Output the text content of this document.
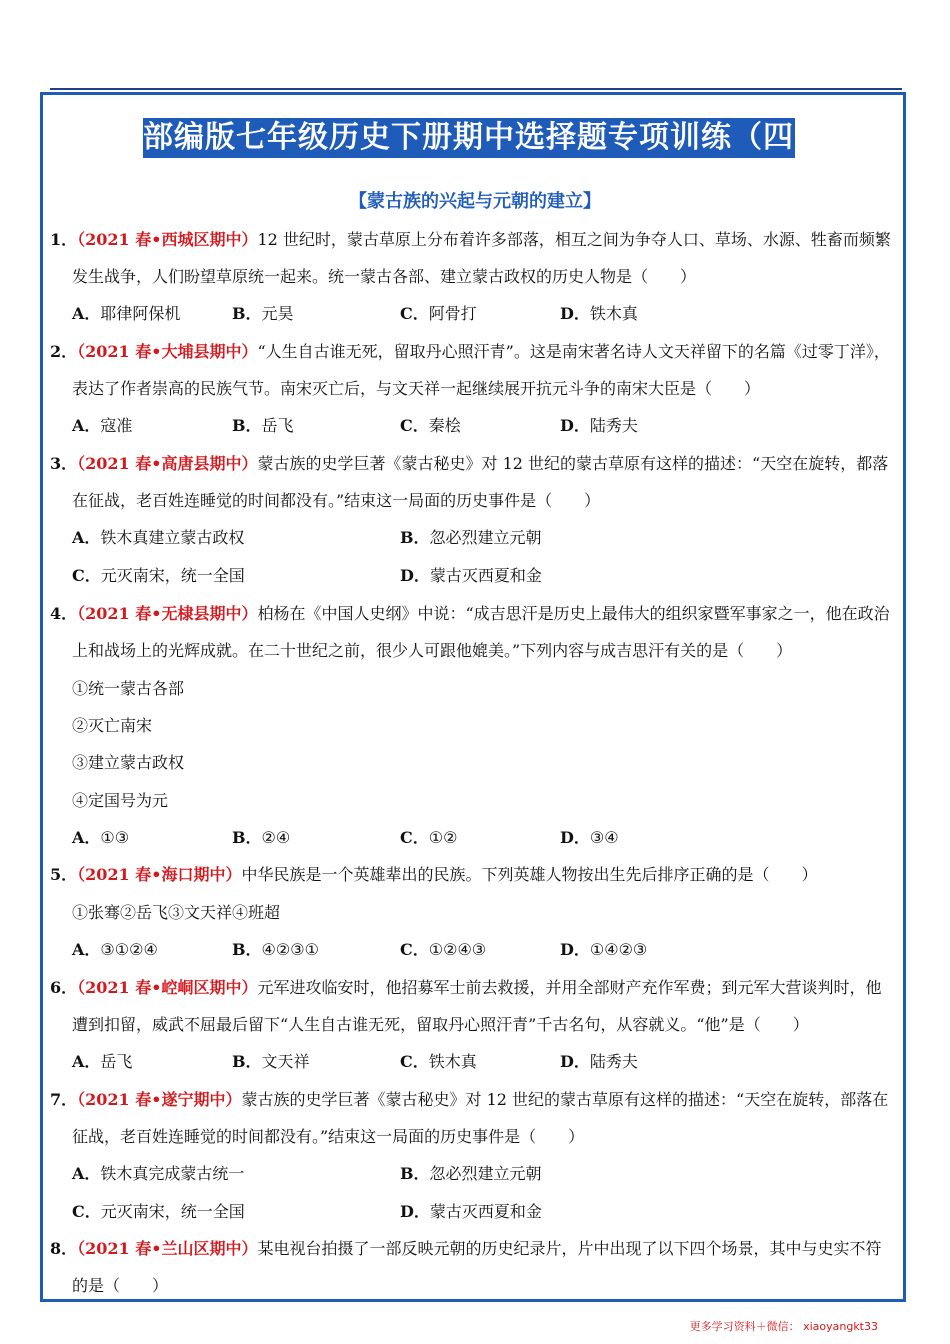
部编版七年级历史下册期中选择题专项训练（四）
【蒙古族的兴起与元朝的建立】
1．（2021 春•西城区期中）12 世纪时，蒙古草原上分布着许多部落，相互之间为争夺人口、草场、水源、牲畜而频繁
发生战争，人们盼望草原统一起来。统一蒙古各部、建立蒙古政权的历史人物是（　　）
A．耶律阿保机	B．元昊	C．阿骨打	D．铁木真
2．（2021 春•大埔县期中）“人生自古谁无死，留取丹心照汗青”。这是南宋著名诗人文天祥留下的名篇《过零丁洋》，
表达了作者崇高的民族气节。南宋灭亡后，与文天祥一起继续展开抗元斗争的南宋大臣是（　　）
A．寇准	B．岳飞	C．秦桧	D．陆秀夫
3．（2021 春•高唐县期中）蒙古族的史学巨著《蒙古秘史》对 12 世纪的蒙古草原有这样的描述：“天空在旋转，都落
在征战，老百姓连睡觉的时间都没有。”结束这一局面的历史事件是（　　）
A．铁木真建立蒙古政权	B．忽必烈建立元朝
C．元灭南宋，统一全国	D．蒙古灭西夏和金
4．（2021 春•无棣县期中）柏杨在《中国人史纲》中说：“成吉思汗是历史上最伟大的组织家暨军事家之一，他在政治
上和战场上的光辉成就。在二十世纪之前，很少人可跟他媲美。”下列内容与成吉思汗有关的是（　　）
①统一蒙古各部
②灭亡南宋
③建立蒙古政权
④定国号为元
A．①③	B．②④	C．①②	D．③④
5．（2021 春•海口期中）中华民族是一个英雄辈出的民族。下列英雄人物按出生先后排序正确的是（　　）
①张骞②岳飞③文天祥④班超
A．③①②④	B．④②③①	C．①②④③	D．①④②③
6．（2021 春•崆峒区期中）元军进攻临安时，他招募军士前去救援，并用全部财产充作军费；到元军大营谈判时，他
遭到扣留，威武不屈最后留下“人生自古谁无死，留取丹心照汗青”千古名句，从容就义。“他”是（　　）
A．岳飞	B．文天祥	C．铁木真	D．陆秀夫
7．（2021 春•遂宁期中）蒙古族的史学巨著《蒙古秘史》对 12 世纪的蒙古草原有这样的描述：“天空在旋转，部落在
征战，老百姓连睡觉的时间都没有。”结束这一局面的历史事件是（　　）
A．铁木真完成蒙古统一	B．忽必烈建立元朝
C．元灭南宋，统一全国	D．蒙古灭西夏和金
8．（2021 春•兰山区期中）某电视台拍摄了一部反映元朝的历史纪录片，片中出现了以下四个场景，其中与史实不符
的是（　　）
更多学习资料＋微信： xiaoyangkt33
